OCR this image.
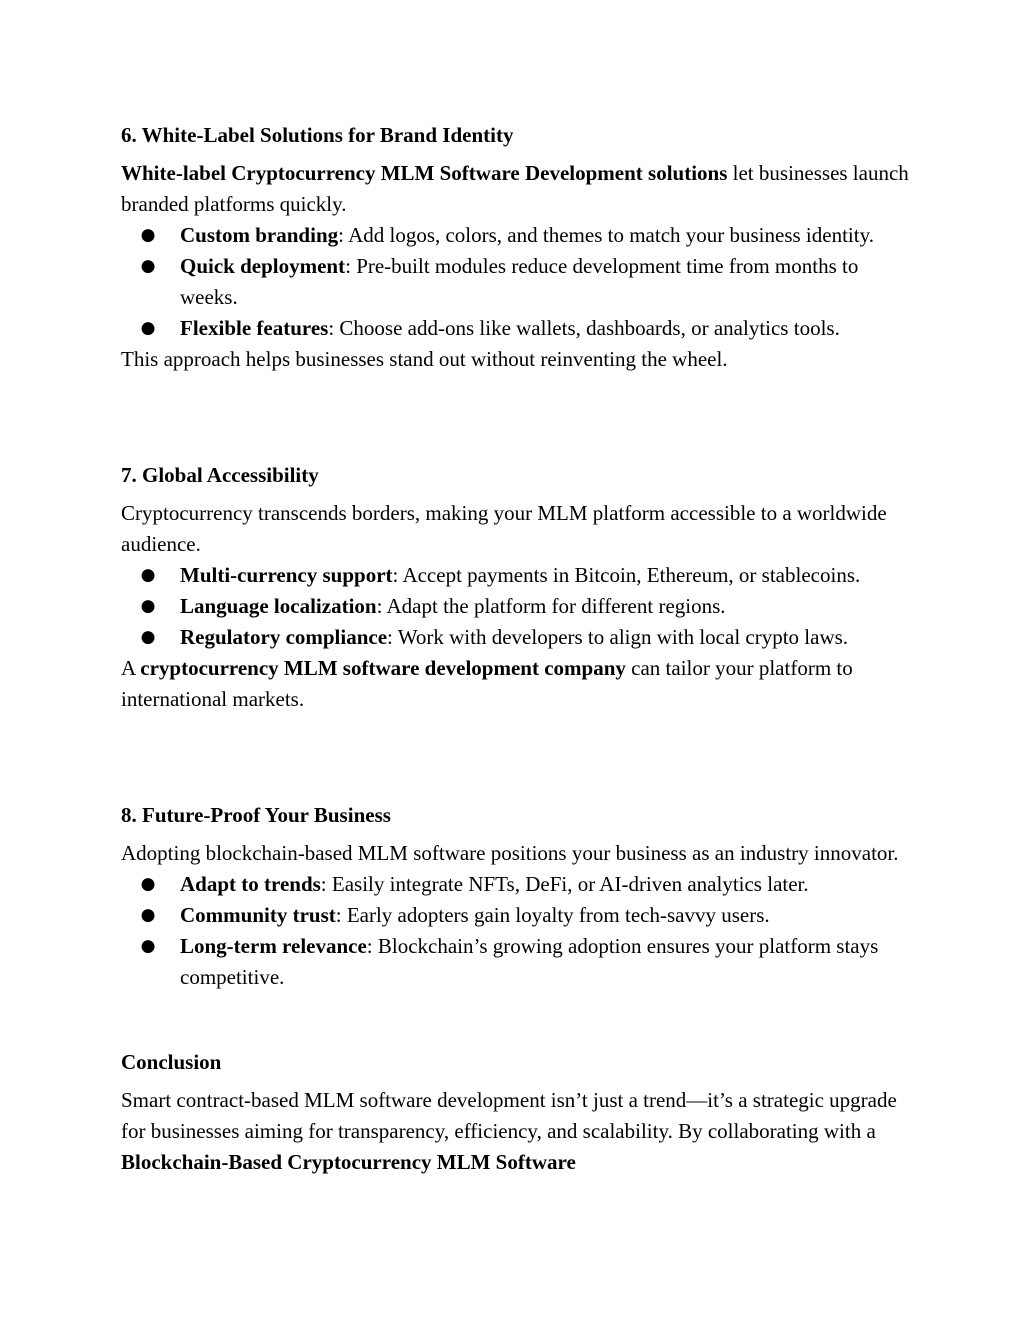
6. White-Label Solutions for Brand Identity

White-label Cryptocurrency MLM Software Development solutions let businesses launch branded platforms quickly.

● Custom branding: Add logos, colors, and themes to match your business identity.
● Quick deployment: Pre-built modules reduce development time from months to weeks.
● Flexible features: Choose add-ons like wallets, dashboards, or analytics tools.

This approach helps businesses stand out without reinventing the wheel.

7. Global Accessibility

Cryptocurrency transcends borders, making your MLM platform accessible to a worldwide audience.

● Multi-currency support: Accept payments in Bitcoin, Ethereum, or stablecoins.
● Language localization: Adapt the platform for different regions.
● Regulatory compliance: Work with developers to align with local crypto laws.

A cryptocurrency MLM software development company can tailor your platform to international markets.

8. Future-Proof Your Business

Adopting blockchain-based MLM software positions your business as an industry innovator.

● Adapt to trends: Easily integrate NFTs, DeFi, or AI-driven analytics later.
● Community trust: Early adopters gain loyalty from tech-savvy users.
● Long-term relevance: Blockchain’s growing adoption ensures your platform stays competitive.
Conclusion

Smart contract-based MLM software development isn’t just a trend—it’s a strategic upgrade for businesses aiming for transparency, efficiency, and scalability. By collaborating with a Blockchain-Based Cryptocurrency MLM Software
